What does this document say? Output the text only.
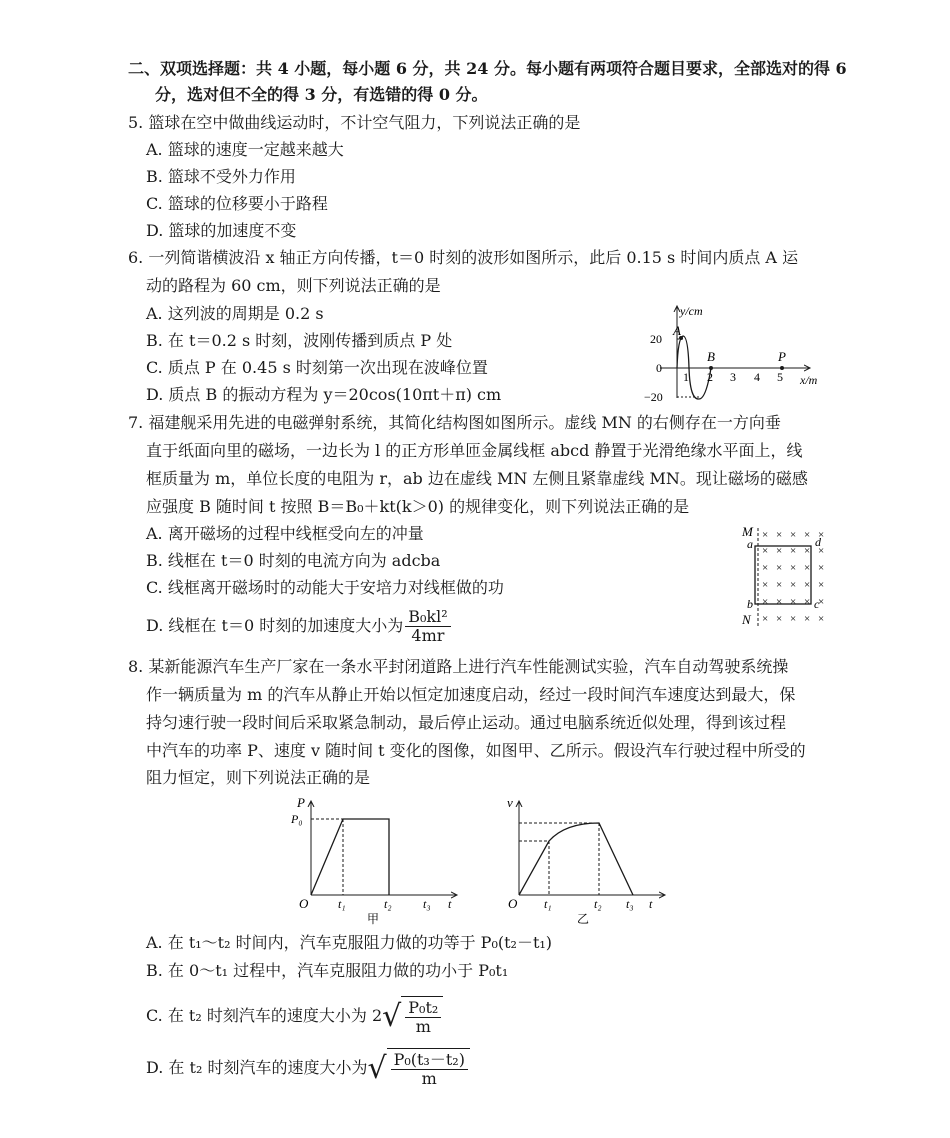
二、双项选择题：共 4 小题，每小题 6 分，共 24 分。每小题有两项符合题目要求，全部选对的得 6
分，选对但不全的得 3 分，有选错的得 0 分。
5. 篮球在空中做曲线运动时，不计空气阻力，下列说法正确的是
A. 篮球的速度一定越来越大
B. 篮球不受外力作用
C. 篮球的位移要小于路程
D. 篮球的加速度不变
6. 一列简谐横波沿 x 轴正方向传播，t＝0 时刻的波形如图所示，此后 0.15 s 时间内质点 A 运
动的路程为 60 cm，则下列说法正确的是
A. 这列波的周期是 0.2 s
B. 在 t＝0.2 s 时刻，波刚传播到质点 P 处
C. 质点 P 在 0.45 s 时刻第一次出现在波峰位置
D. 质点 B 的振动方程为 y＝20cos(10πt＋π) cm
y/cm
x/m
0
20
−20
1 2 3 4 5
A
B	P
7. 福建舰采用先进的电磁弹射系统，其简化结构图如图所示。虚线 MN 的右侧存在一方向垂
直于纸面向里的磁场，一边长为 l 的正方形单匝金属线框 abcd 静置于光滑绝缘水平面上，线
框质量为 m，单位长度的电阻为 r，ab 边在虚线 MN 左侧且紧靠虚线 MN。现让磁场的磁感
应强度 B 随时间 t 按照 B＝B₀＋kt(k＞0) 的规律变化，则下列说法正确的是
A. 离开磁场的过程中线框受向左的冲量
B. 线框在 t＝0 时刻的电流方向为 adcba
C. 线框离开磁场时的动能大于安培力对线框做的功
D. 线框在 t＝0 时刻的加速度大小为 $\frac{\text{B₀kl²}}{4mr}$
M
N
a
b	c
d
× × × × ×
× × × × ×
× × × × ×
× × × × ×
× × × × ×
× × × × ×
8. 某新能源汽车生产厂家在一条水平封闭道路上进行汽车性能测试实验，汽车自动驾驶系统操
作一辆质量为 m 的汽车从静止开始以恒定加速度启动，经过一段时间汽车速度达到最大，保
持匀速行驶一段时间后采取紧急制动，最后停止运动。通过电脑系统近似处理，得到该过程
中汽车的功率 P、速度 v 随时间 t 变化的图像，如图甲、乙所示。假设汽车行驶过程中所受的
阻力恒定，则下列说法正确的是
P
P₀
O t₁	t₂	t₃ t
甲
v
O t₁	t₂ t₃ t
乙
A. 在 t₁～t₂ 时间内，汽车克服阻力做的功等于 P₀(t₂－t₁)
B. 在 0～t₁ 过程中，汽车克服阻力做的功小于 P₀t₁
C. 在 t₂ 时刻汽车的速度大小为 $2√ \frac{\text{P₀t₂}}{m}$
D. 在 t₂ 时刻汽车的速度大小为√ $\frac{\text{P₀(t₃－t₂)}}{m}$
